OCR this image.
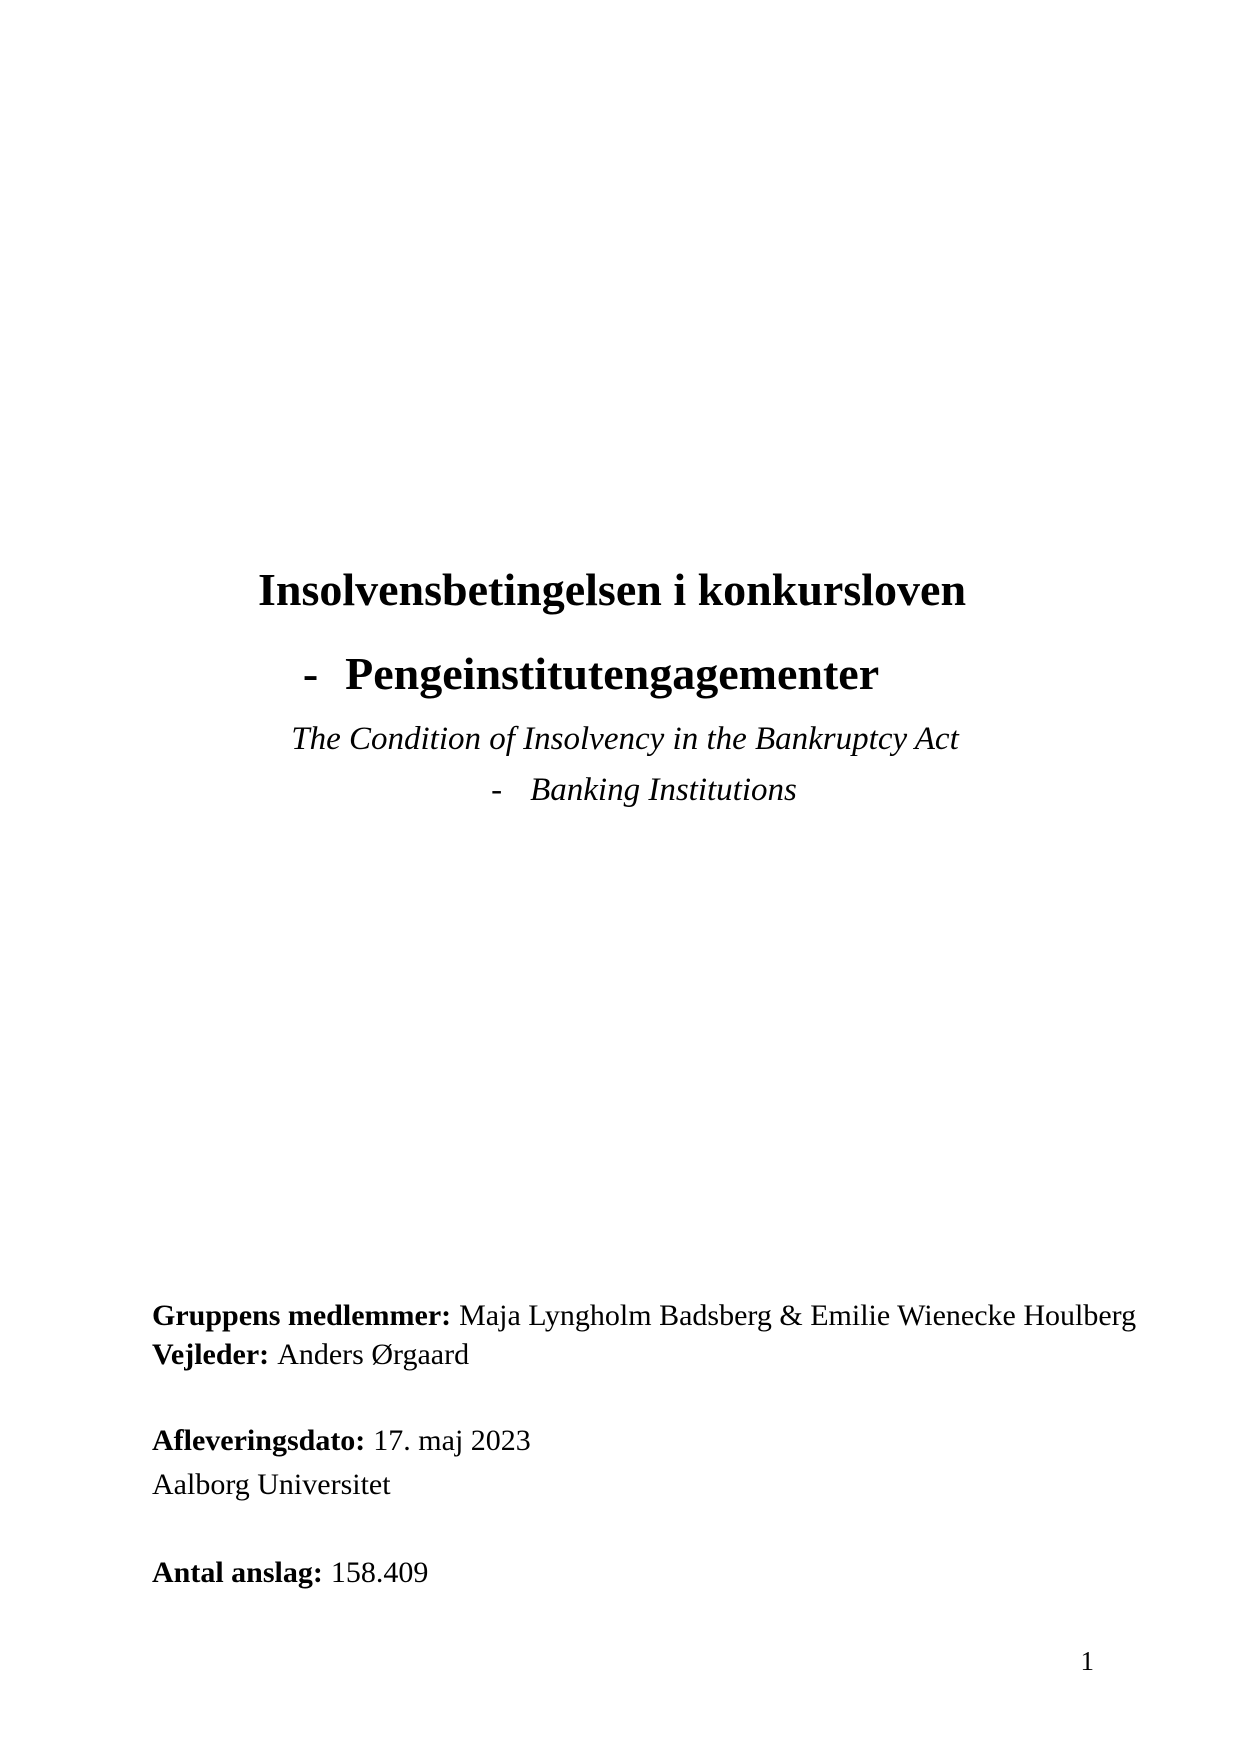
Insolvensbetingelsen i konkursloven
- Pengeinstitutengagementer
The Condition of Insolvency in the Bankruptcy Act
- Banking Institutions
Gruppens medlemmer: Maja Lyngholm Badsberg & Emilie Wienecke Houlberg
Vejleder: Anders Ørgaard
Afleveringsdato: 17. maj 2023
Aalborg Universitet
Antal anslag: 158.409
1
